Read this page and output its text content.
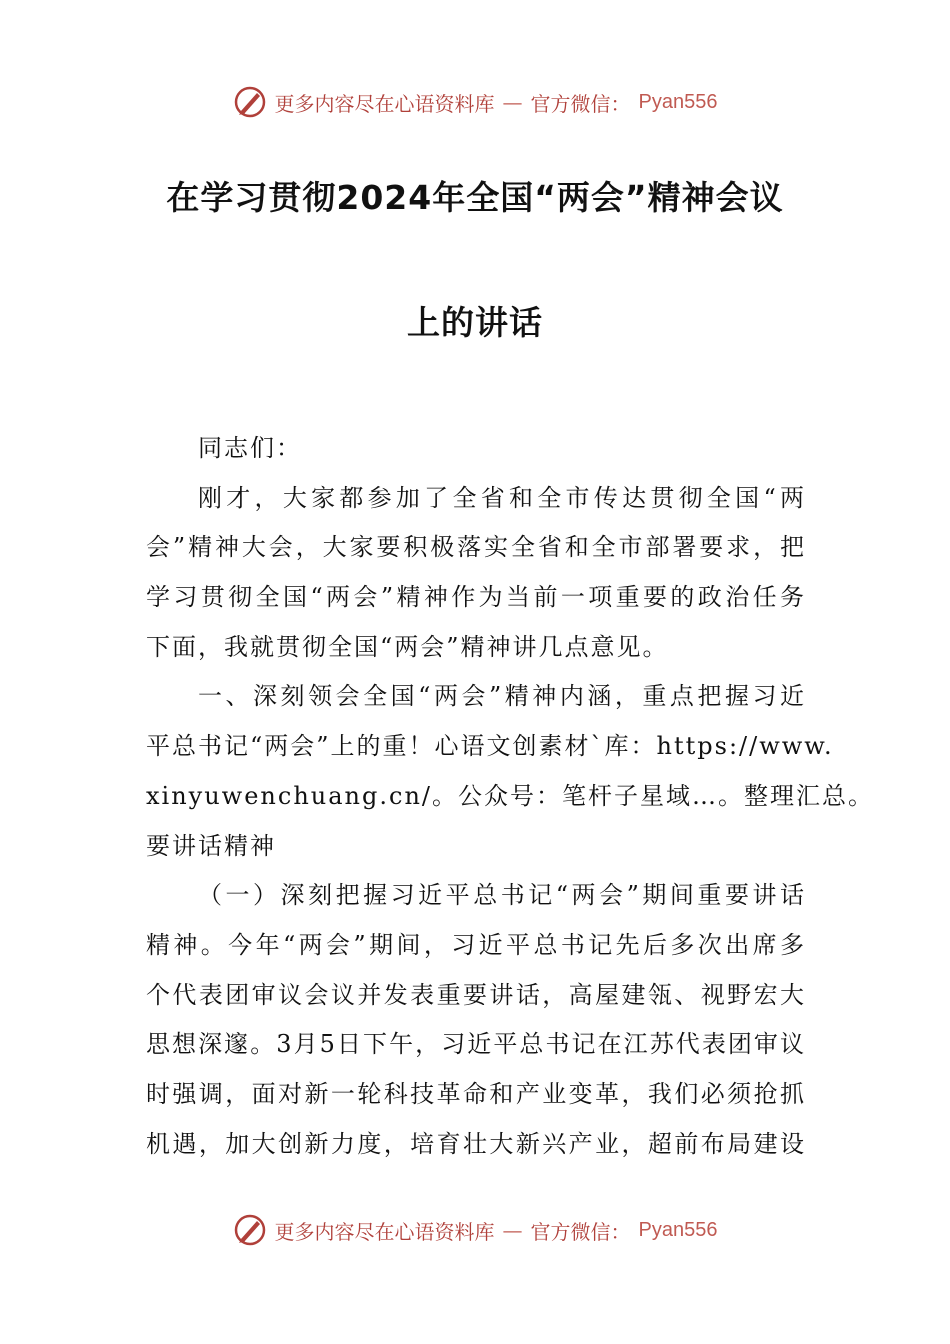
更多内容尽在心语资料库 — 官方微信： Pyan556
在学习贯彻2024年全国“两会”精神会议
上的讲话
同志们：
刚才，大家都参加了全省和全市传达贯彻全国“两
会”精神大会，大家要积极落实全省和全市部署要求，把
学习贯彻全国“两会”精神作为当前一项重要的政治任务
下面，我就贯彻全国“两会”精神讲几点意见。
一、深刻领会全国“两会”精神内涵，重点把握习近
平总书记“两会”上的重！心语文创素材`库：https://www.
xinyuwenchuang.cn/。公众号：笔杆子星域…。整理汇总。
要讲话精神
（一）深刻把握习近平总书记“两会”期间重要讲话
精神。今年“两会”期间，习近平总书记先后多次出席多
个代表团审议会议并发表重要讲话，高屋建瓴、视野宏大
思想深邃。3月5日下午，习近平总书记在江苏代表团审议
时强调，面对新一轮科技革命和产业变革，我们必须抢抓
机遇，加大创新力度，培育壮大新兴产业，超前布局建设
更多内容尽在心语资料库 — 官方微信： Pyan556
